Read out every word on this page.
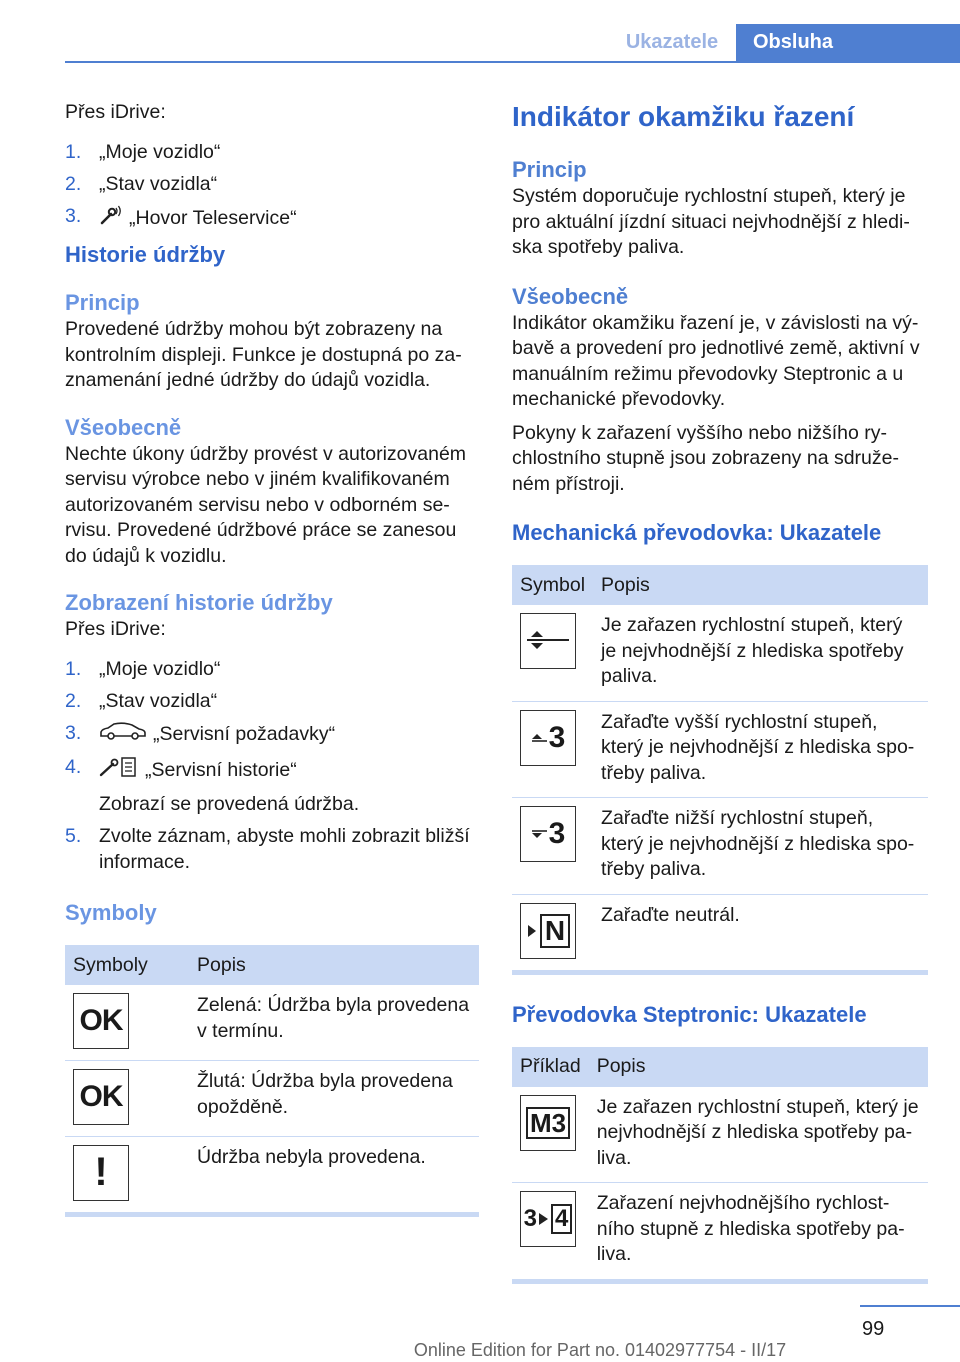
Ukazatele	Obsluha

Přes iDrive:

1. „Moje vozidlo“
2. „Stav vozidla“
3.	„Hovor Teleservice“
Historie údržby
Princip

Provedené údržby mohou být zobrazeny na kontrolním displeji. Funkce je dostupná po zaznamenání jedné údržby do údajů vozidla.

Všeobecně

Nechte úkony údržby provést v autorizovaném servisu výrobce nebo v jiném kvalifikovaném autorizovaném servisu nebo v odborném servisu. Provedené údržbové práce se zanesou do údajů k vozidlu.

Zobrazení historie údržby

Přes iDrive:

1. „Moje vozidlo“
2. „Stav vozidla“
3.	„Servisní požadavky“
4.	„Servisní historie“
Zobrazí se provedená údržba.
5. Zvolte záznam, abyste mohli zobrazit bližší informace.
Symboly
Symboly	Popis

OK	Zelená: Údržba byla provedena v termínu.

OK	Žlutá: Údržba byla provedena opožděně.

!	Údržba nebyla provedena.
Indikátor okamžiku řazení
Princip

Systém doporučuje rychlostní stupeň, který je pro aktuální jízdní situaci nejvhodnější z hlediska spotřeby paliva.

Všeobecně

Indikátor okamžiku řazení je, v závislosti na výbavě a provedení pro jednotlivé země, aktivní v manuálním režimu převodovky Steptronic a u mechanické převodovky.

Pokyny k zařazení vyššího nebo nižšího rychlostního stupně jsou zobrazeny na sdruženém přístroji.

Mechanická převodovka: Ukazatele
Symbol	Popis

	Je zařazen rychlostní stupeň, který je nejvhodnější z hlediska spotřeby paliva.

3	Zařaďte vyšší rychlostní stupeň, který je nejvhodnější z hlediska spotřeby paliva.

3	Zařaďte nižší rychlostní stupeň, který je nejvhodnější z hlediska spotřeby paliva.

N	Zařaďte neutrál.
Převodovka Steptronic: Ukazatele
Příklad	Popis

M3	Je zařazen rychlostní stupeň, který je nejvhodnější z hlediska spotřeby paliva.

3 4	Zařazení nejvhodnějšího rychlostního stupně z hlediska spotřeby paliva.
99
Online Edition for Part no. 01402977754 - II/17
